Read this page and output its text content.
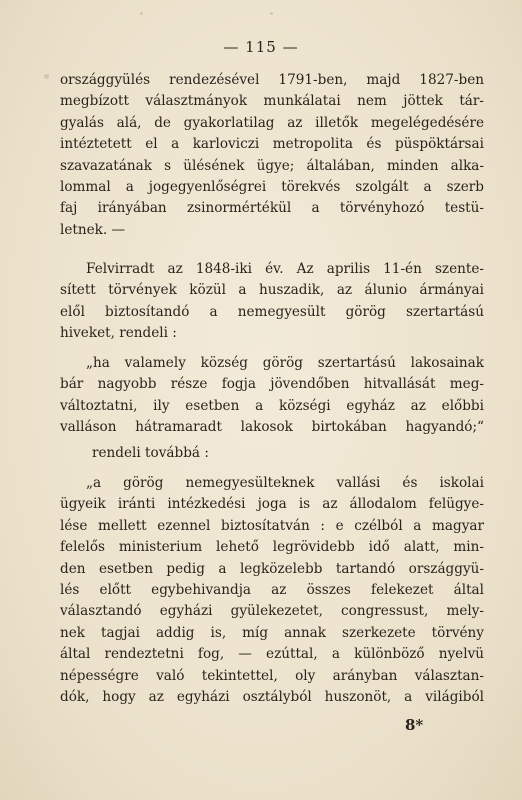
— 115 —
országgyülés rendezésével 1791-ben, majd 1827-ben
megbízott választmányok munkálatai nem jöttek tár-
gyalás alá, de gyakorlatilag az illetők megelégedésére
intéztetett el a karloviczi metropolita és püspöktársai
szavazatának s ülésének ügye; általában, minden alka-
lommal a jogegyenlőségrei törekvés szolgált a szerb
faj irányában zsinormértékül a törvényhozó testü-
letnek. —
Felvirradt az 1848-iki év. Az aprilis 11-én szente-
sített törvények közül a huszadik, az álunio ármányai
elől biztosítandó a nemegyesült görög szertartású
hiveket, rendeli :
„ha valamely község görög szertartású lakosainak
bár nagyobb része fogja jövendőben hitvallását meg-
változtatni, ily esetben a községi egyház az előbbi
valláson hátramaradt lakosok birtokában hagyandó;“
rendeli továbbá :
„a görög nemegyesülteknek vallási és iskolai
ügyeik iránti intézkedési joga is az állodalom felügye-
lése mellett ezennel biztosítatván : e czélból a magyar
felelős ministerium lehető legrövidebb idő alatt, min-
den esetben pedig a legközelebb tartandó országgyü-
lés előtt egybehivandja az összes felekezet által
választandó egyházi gyülekezetet, congressust, mely-
nek tagjai addig is, míg annak szerkezete törvény
által rendeztetni fog, — ezúttal, a különböző nyelvü
népességre való tekintettel, oly arányban választan-
dók, hogy az egyházi osztályból huszonöt, a világiból
8*
